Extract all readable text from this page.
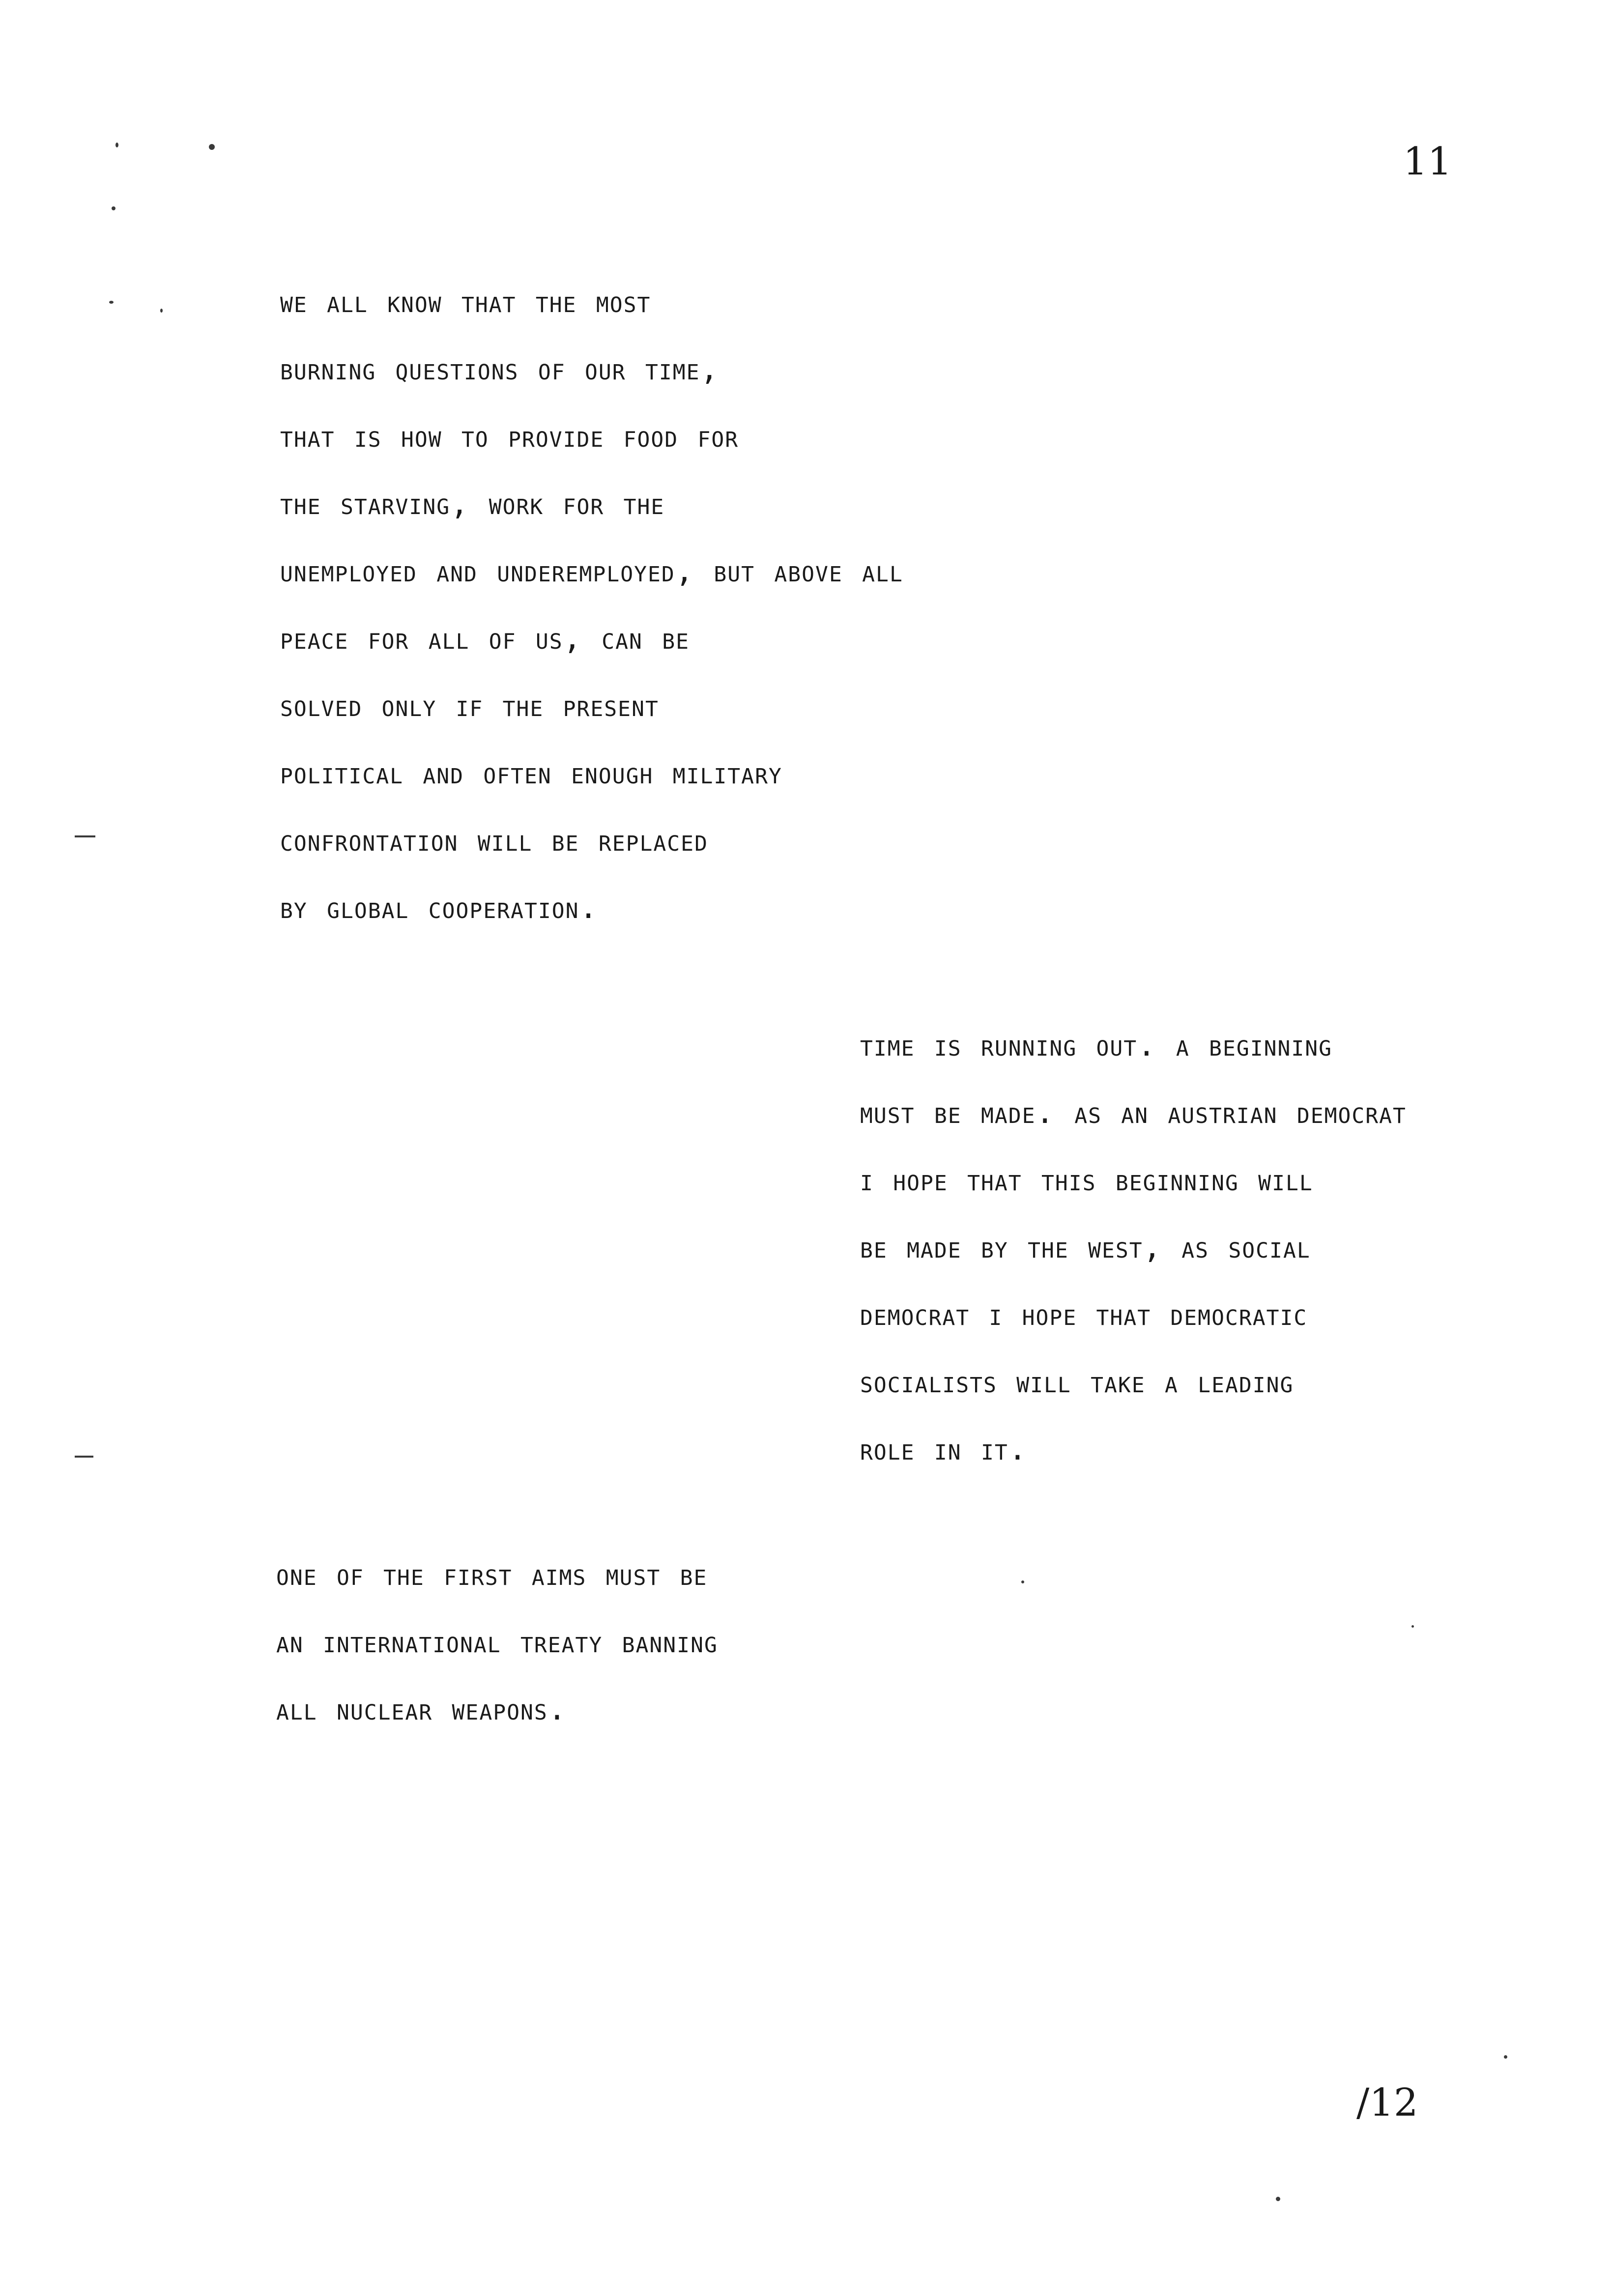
11
we all know that the most
burning questions of our time,
that is how to provide food for
the starving, work for the
unemployed and underemployed, but above all
peace for all of us, can be
solved only if the present
political and often enough military
confrontation will be replaced
by global cooperation.
time is running out. a beginning
must be made. as an austrian democrat
i hope that this beginning will
be made by the west, as social
democrat i hope that democratic
socialists will take a leading
role in it.
one of the first aims must be
an international treaty banning
all nuclear weapons.
/12
